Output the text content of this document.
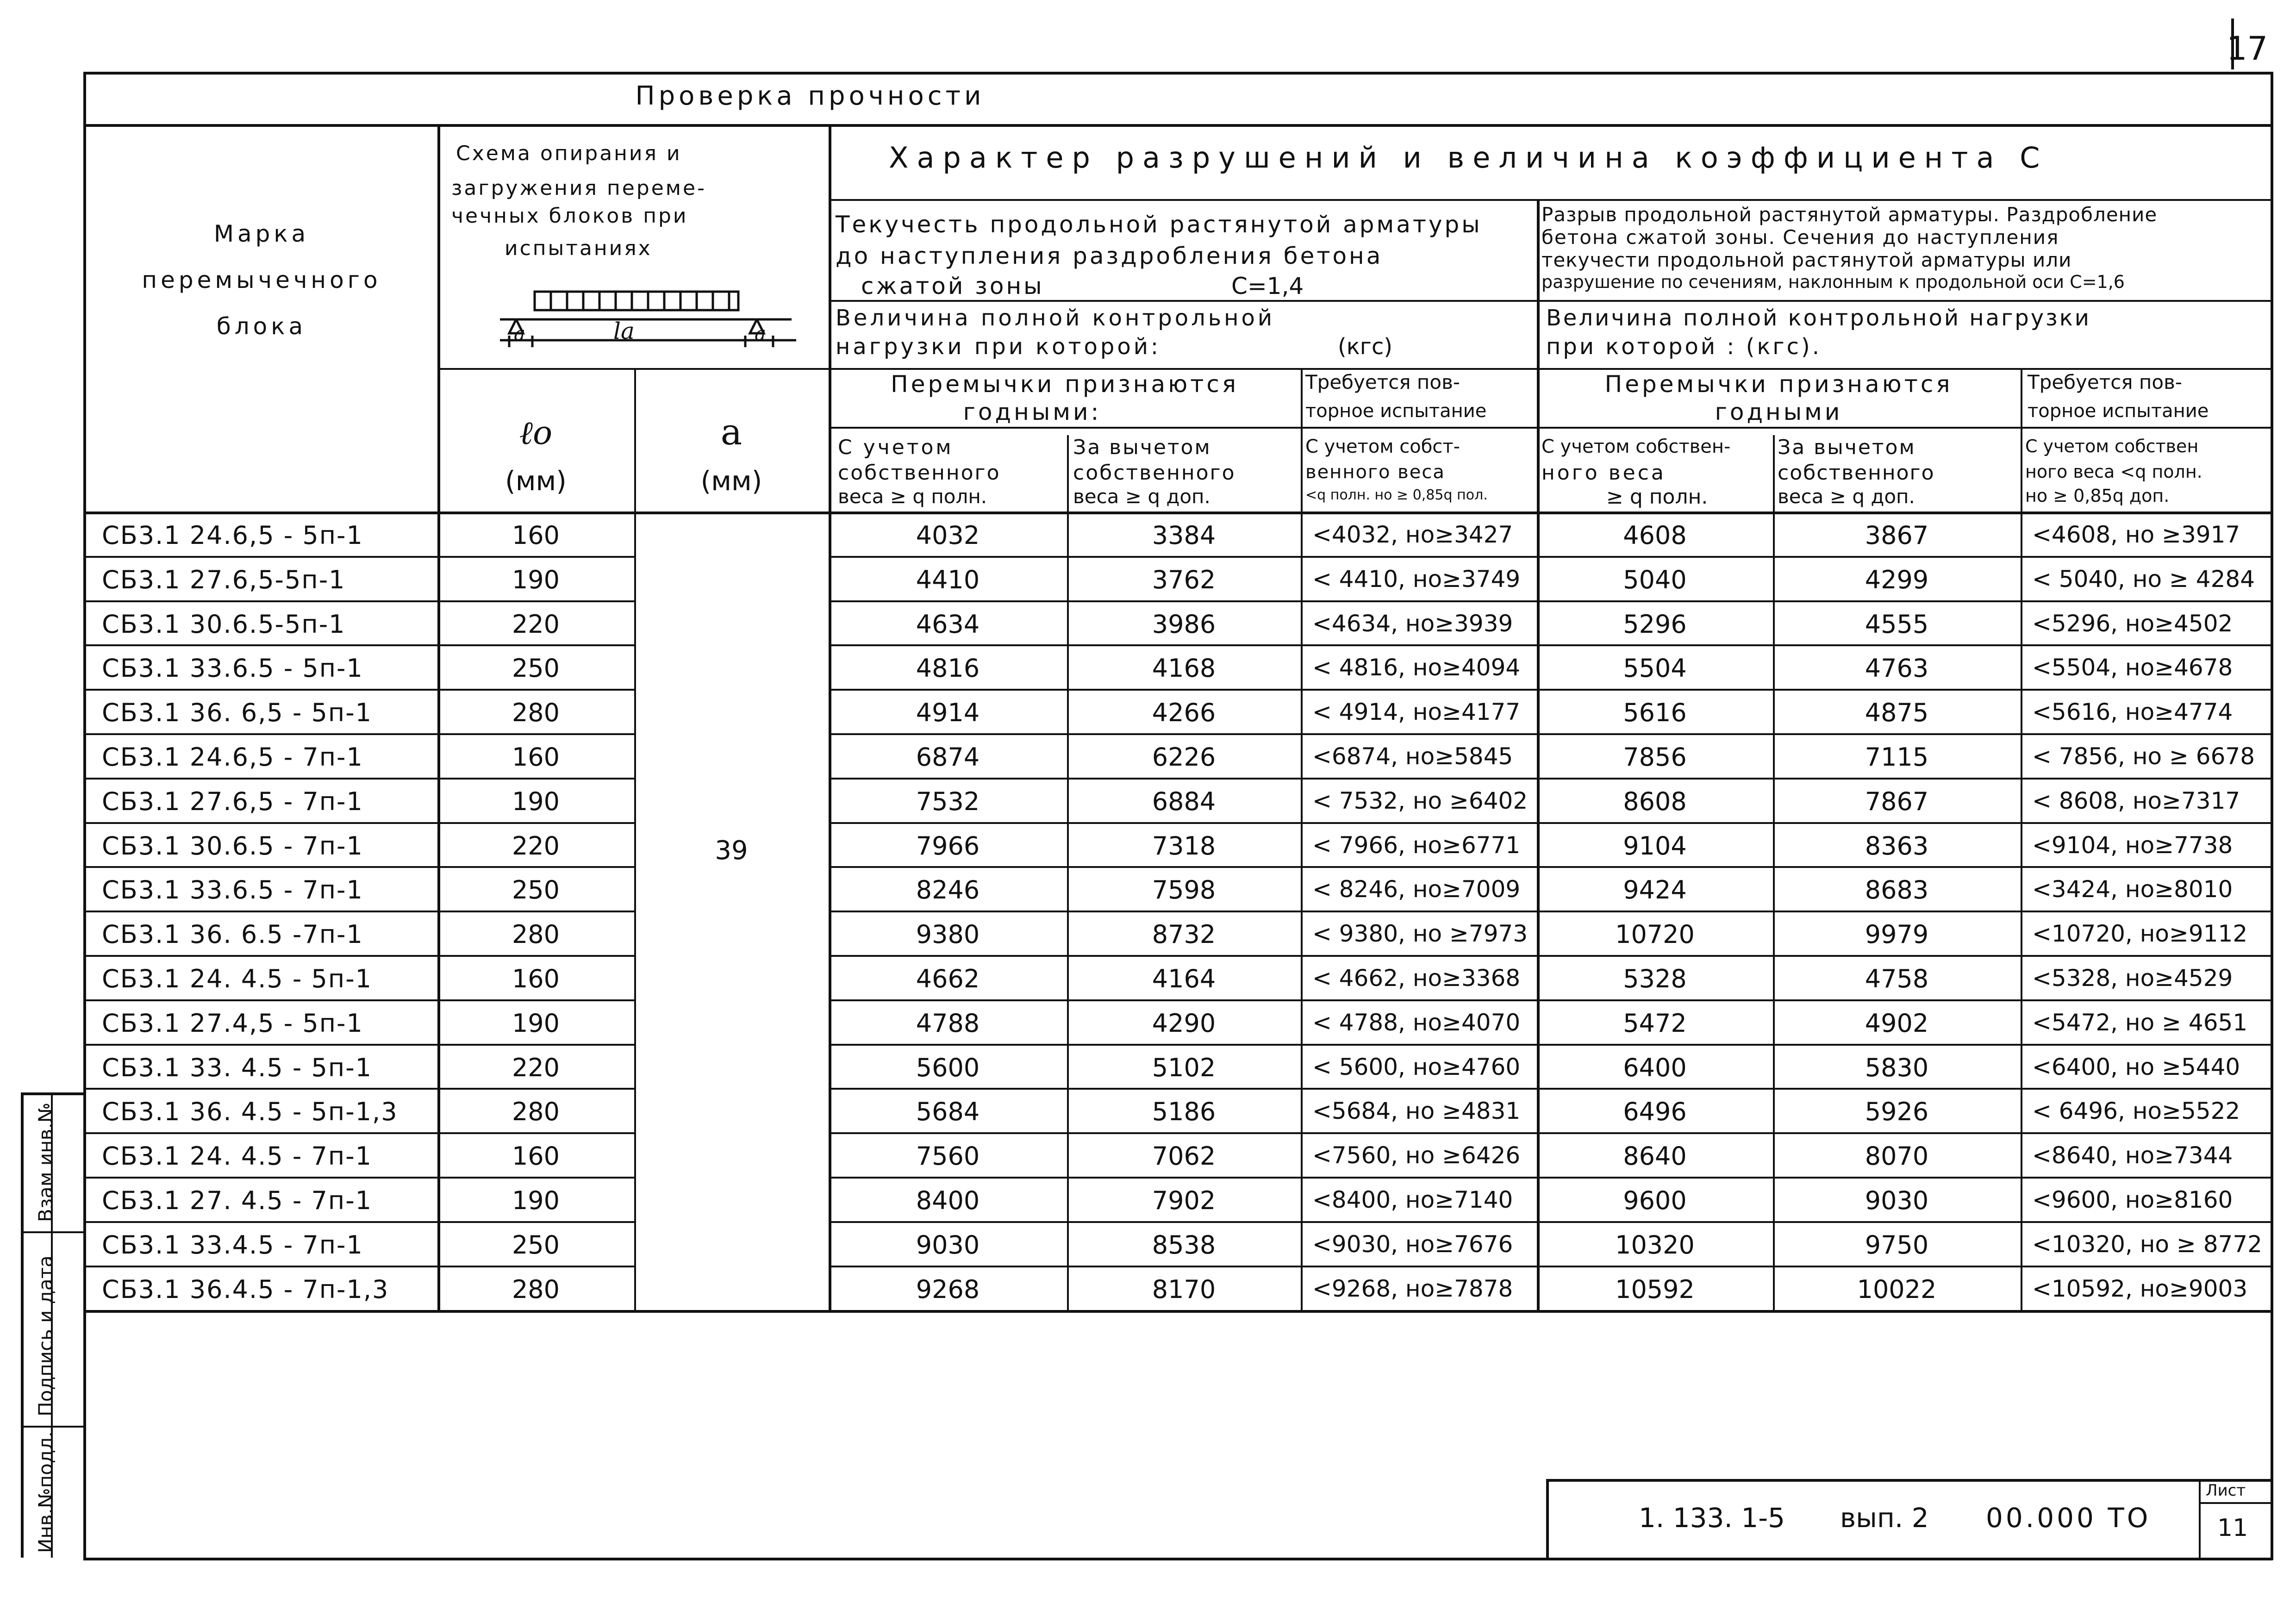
17
Проверка прочности
Марка
перемычечного
блока
Схема опирания и
загружения переме-
чечных блоков при
испытаниях
a	la	a
ℓo
(мм)
a
(мм)
Характер разрушений и величина коэффициента С
Текучесть продольной растянутой арматуры
до наступления раздробления бетона
сжатой зоны	С=1,4
Разрыв продольной растянутой арматуры. Раздробление
бетона сжатой зоны. Сечения до наступления
текучести продольной растянутой арматуры или
разрушение по сечениям, наклонным к продольной оси С=1,6
Величина полной контрольной
нагрузки при которой:	(кгс)
Величина полной контрольной нагрузки
при которой : (кгс).
Перемычки признаются
годными:
Требуется пов-
торное испытание
Перемычки признаются
годными
Требуется пов-
торное испытание
С учетом
собственного
веса ≥ q полн.
За вычетом
собственного
веса ≥ q доп.
С учетом собст-
венного веса
<q полн. но ≥ 0,85q пол.
С учетом собствен-
ного веса
≥ q полн.
За вычетом
собственного
веса ≥ q доп.
С учетом собствен
ного веса <q полн.
но ≥ 0,85q доп.
СБ3.1 24.6,5 - 5п-1	160	4032	3384	<4032, но≥3427	4608	3867	<4608, но ≥3917
СБ3.1 27.6,5-5п-1	190	4410	3762	< 4410, но≥3749	5040	4299	< 5040, но ≥ 4284
СБ3.1 30.6.5-5п-1	220	4634	3986	<4634, но≥3939	5296	4555	<5296, но≥4502
СБ3.1 33.6.5 - 5п-1	250	4816	4168	< 4816, но≥4094	5504	4763	<5504, но≥4678
СБ3.1 36. 6,5 - 5п-1	280	4914	4266	< 4914, но≥4177	5616	4875	<5616, но≥4774
СБ3.1 24.6,5 - 7п-1	160	6874	6226	<6874, но≥5845	7856	7115	< 7856, но ≥ 6678
СБ3.1 27.6,5 - 7п-1	190	7532	6884	< 7532, но ≥6402	8608	7867	< 8608, но≥7317
СБ3.1 30.6.5 - 7п-1	220	7966	7318	< 7966, но≥6771	9104	8363	<9104, но≥7738
СБ3.1 33.6.5 - 7п-1	250	8246	7598	< 8246, но≥7009	9424	8683	<3424, но≥8010
СБ3.1 36. 6.5 -7п-1	280	9380	8732	< 9380, но ≥7973	10720	9979	<10720, но≥9112
СБ3.1 24. 4.5 - 5п-1	160	4662	4164	< 4662, но≥3368	5328	4758	<5328, но≥4529
СБ3.1 27.4,5 - 5п-1	190	4788	4290	< 4788, но≥4070	5472	4902	<5472, но ≥ 4651
СБ3.1 33. 4.5 - 5п-1	220	5600	5102	< 5600, но≥4760	6400	5830	<6400, но ≥5440
СБ3.1 36. 4.5 - 5п-1,3	280	5684	5186	<5684, но ≥4831	6496	5926	< 6496, но≥5522
СБ3.1 24. 4.5 - 7п-1	160	7560	7062	<7560, но ≥6426	8640	8070	<8640, но≥7344
СБ3.1 27. 4.5 - 7п-1	190	8400	7902	<8400, но≥7140	9600	9030	<9600, но≥8160
СБ3.1 33.4.5 - 7п-1	250	9030	8538	<9030, но≥7676	10320	9750	<10320, но ≥ 8772
СБ3.1 36.4.5 - 7п-1,3	280	9268	8170	<9268, но≥7878	10592	10022	<10592, но≥9003
39
Инв.№подл.
Подпись и дата
Взам инв.№
1. 133. 1-5 вып. 2 00.000 ТО
Лист
11
